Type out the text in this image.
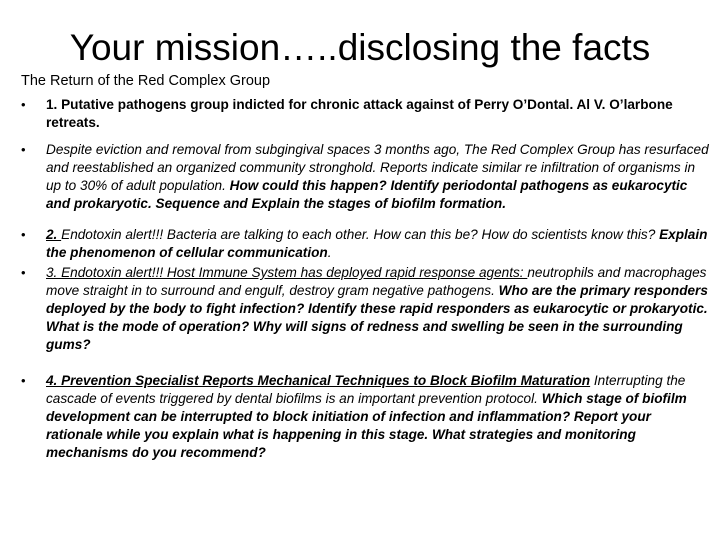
Your mission…..disclosing the facts
The Return of the Red Complex Group
• 1. Putative pathogens group indicted for chronic attack against of Perry O’Dontal. Al V. O’larbone retreats.
• Despite eviction and removal from subgingival spaces 3 months ago, The Red Complex Group has resurfaced and reestablished an organized community stronghold. Reports indicate similar re infiltration of organisms in up to 30% of adult population. How could this happen? Identify periodontal pathogens as eukarocytic and prokaryotic. Sequence and Explain the stages of biofilm formation.
• 2. Endotoxin alert!!! Bacteria are talking to each other. How can this be? How do scientists know this? Explain the phenomenon of cellular communication.
• 3. Endotoxin alert!!! Host Immune System has deployed rapid response agents: neutrophils and macrophages move straight in to surround and engulf, destroy gram negative pathogens. Who are the primary responders deployed by the body to fight infection? Identify these rapid responders as eukarocytic or prokaryotic. What is the mode of operation? Why will signs of redness and swelling be seen in the surrounding gums?
• 4. Prevention Specialist Reports Mechanical Techniques to Block Biofilm Maturation Interrupting the cascade of events triggered by dental biofilms is an important prevention protocol. Which stage of biofilm development can be interrupted to block initiation of infection and inflammation? Report your rationale while you explain what is happening in this stage. What strategies and monitoring mechanisms do you recommend?
